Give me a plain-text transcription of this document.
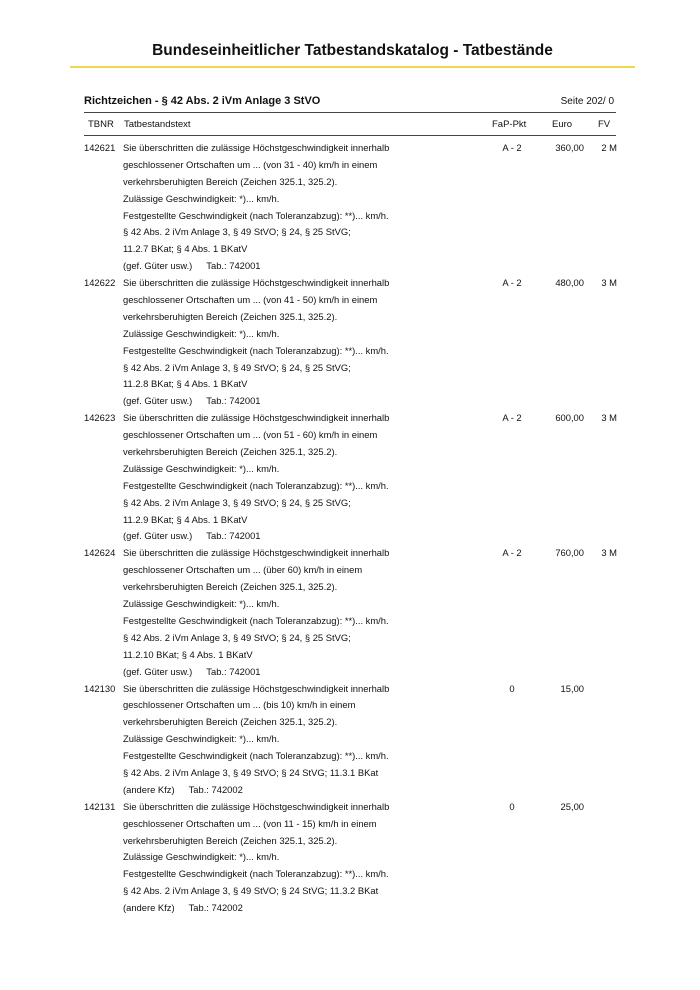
Bundeseinheitlicher Tatbestandskatalog - Tatbestände
Richtzeichen - § 42 Abs. 2 iVm Anlage 3 StVO	Seite 202/ 0
TBNR Tatbestandstext	FaP-Pkt	Euro	FV
142621	A - 2	360,00	2 M
Sie überschritten die zulässige Höchstgeschwindigkeit innerhalb
geschlossener Ortschaften um ... (von 31 - 40) km/h in einem
verkehrsberuhigten Bereich (Zeichen 325.1, 325.2).
Zulässige Geschwindigkeit: *)... km/h.
Festgestellte Geschwindigkeit (nach Toleranzabzug): **)... km/h.
§ 42 Abs. 2 iVm Anlage 3, § 49 StVO; § 24, § 25 StVG;
11.2.7 BKat; § 4 Abs. 1 BKatV
(gef. Güter usw.) Tab.: 742001
142622	A - 2	480,00	3 M
Sie überschritten die zulässige Höchstgeschwindigkeit innerhalb
geschlossener Ortschaften um ... (von 41 - 50) km/h in einem
verkehrsberuhigten Bereich (Zeichen 325.1, 325.2).
Zulässige Geschwindigkeit: *)... km/h.
Festgestellte Geschwindigkeit (nach Toleranzabzug): **)... km/h.
§ 42 Abs. 2 iVm Anlage 3, § 49 StVO; § 24, § 25 StVG;
11.2.8 BKat; § 4 Abs. 1 BKatV
(gef. Güter usw.) Tab.: 742001
142623	A - 2	600,00	3 M
Sie überschritten die zulässige Höchstgeschwindigkeit innerhalb
geschlossener Ortschaften um ... (von 51 - 60) km/h in einem
verkehrsberuhigten Bereich (Zeichen 325.1, 325.2).
Zulässige Geschwindigkeit: *)... km/h.
Festgestellte Geschwindigkeit (nach Toleranzabzug): **)... km/h.
§ 42 Abs. 2 iVm Anlage 3, § 49 StVO; § 24, § 25 StVG;
11.2.9 BKat; § 4 Abs. 1 BKatV
(gef. Güter usw.) Tab.: 742001
142624	A - 2	760,00	3 M
Sie überschritten die zulässige Höchstgeschwindigkeit innerhalb
geschlossener Ortschaften um ... (über 60) km/h in einem
verkehrsberuhigten Bereich (Zeichen 325.1, 325.2).
Zulässige Geschwindigkeit: *)... km/h.
Festgestellte Geschwindigkeit (nach Toleranzabzug): **)... km/h.
§ 42 Abs. 2 iVm Anlage 3, § 49 StVO; § 24, § 25 StVG;
11.2.10 BKat; § 4 Abs. 1 BKatV
(gef. Güter usw.) Tab.: 742001
142130	0	15,00
Sie überschritten die zulässige Höchstgeschwindigkeit innerhalb
geschlossener Ortschaften um ... (bis 10) km/h in einem
verkehrsberuhigten Bereich (Zeichen 325.1, 325.2).
Zulässige Geschwindigkeit: *)... km/h.
Festgestellte Geschwindigkeit (nach Toleranzabzug): **)... km/h.
§ 42 Abs. 2 iVm Anlage 3, § 49 StVO; § 24 StVG; 11.3.1 BKat
(andere Kfz) Tab.: 742002
142131	0	25,00
Sie überschritten die zulässige Höchstgeschwindigkeit innerhalb
geschlossener Ortschaften um ... (von 11 - 15) km/h in einem
verkehrsberuhigten Bereich (Zeichen 325.1, 325.2).
Zulässige Geschwindigkeit: *)... km/h.
Festgestellte Geschwindigkeit (nach Toleranzabzug): **)... km/h.
§ 42 Abs. 2 iVm Anlage 3, § 49 StVO; § 24 StVG; 11.3.2 BKat
(andere Kfz) Tab.: 742002
